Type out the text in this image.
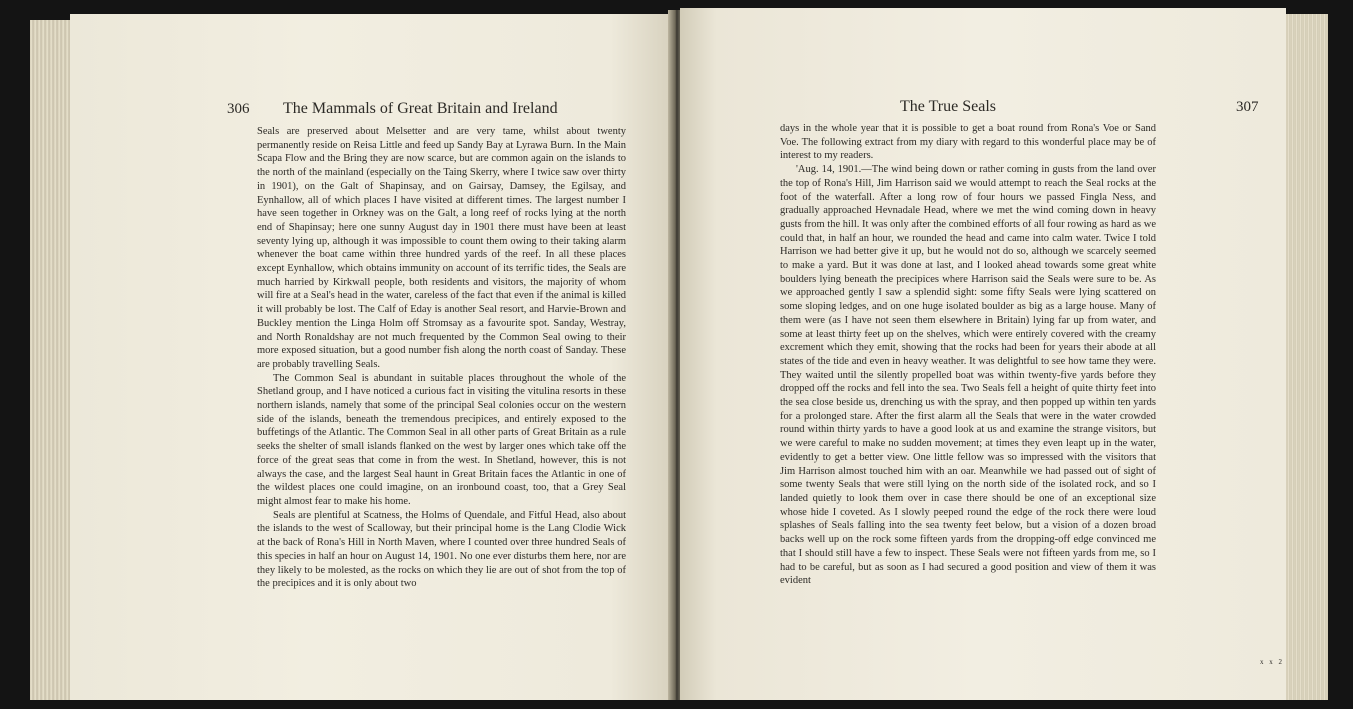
306 The Mammals of Great Britain and Ireland

Seals are preserved about Melsetter and are very tame, whilst about twenty permanently reside on Reisa Little and feed up Sandy Bay at Lyrawa Burn. In the Main Scapa Flow and the Bring they are now scarce, but are common again on the islands to the north of the mainland (especially on the Taing Skerry, where I twice saw over thirty in 1901), on the Galt of Shapinsay, and on Gairsay, Damsey, the Egilsay, and Eynhallow, all of which places I have visited at different times. The largest number I have seen together in Orkney was on the Galt, a long reef of rocks lying at the north end of Shapinsay; here one sunny August day in 1901 there must have been at least seventy lying up, although it was impossible to count them owing to their taking alarm whenever the boat came within three hundred yards of the reef. In all these places except Eynhallow, which obtains immunity on account of its terrific tides, the Seals are much harried by Kirkwall people, both residents and visitors, the majority of whom will fire at a Seal's head in the water, careless of the fact that even if the animal is killed it will probably be lost. The Calf of Eday is another Seal resort, and Harvie-Brown and Buckley mention the Linga Holm off Stromsay as a favourite spot. Sanday, Westray, and North Ronaldshay are not much frequented by the Common Seal owing to their more exposed situation, but a good number fish along the north coast of Sanday. These are probably travelling Seals.

The Common Seal is abundant in suitable places throughout the whole of the Shetland group, and I have noticed a curious fact in visiting the vitulina resorts in these northern islands, namely that some of the principal Seal colonies occur on the western side of the islands, beneath the tremendous precipices, and entirely exposed to the buffetings of the Atlantic. The Common Seal in all other parts of Great Britain as a rule seeks the shelter of small islands flanked on the west by larger ones which take off the force of the great seas that come in from the west. In Shetland, however, this is not always the case, and the largest Seal haunt in Great Britain faces the Atlantic in one of the wildest places one could imagine, on an ironbound coast, too, that a Grey Seal might almost fear to make his home.

Seals are plentiful at Scatness, the Holms of Quendale, and Fitful Head, also about the islands to the west of Scalloway, but their principal home is the Lang Clodie Wick at the back of Rona's Hill in North Maven, where I counted over three hundred Seals of this species in half an hour on August 14, 1901. No one ever disturbs them here, nor are they likely to be molested, as the rocks on which they lie are out of shot from the top of the precipices and it is only about two

The True Seals	307

days in the whole year that it is possible to get a boat round from Rona's Voe or Sand Voe. The following extract from my diary with regard to this wonderful place may be of interest to my readers.

'Aug. 14, 1901.—The wind being down or rather coming in gusts from the land over the top of Rona's Hill, Jim Harrison said we would attempt to reach the Seal rocks at the foot of the waterfall. After a long row of four hours we passed Fingla Ness, and gradually approached Hevnadale Head, where we met the wind coming down in heavy gusts from the hill. It was only after the combined efforts of all four rowing as hard as we could that, in half an hour, we rounded the head and came into calm water. Twice I told Harrison we had better give it up, but he would not do so, although we scarcely seemed to make a yard. But it was done at last, and I looked ahead towards some great white boulders lying beneath the precipices where Harrison said the Seals were sure to be. As we approached gently I saw a splendid sight: some fifty Seals were lying scattered on some sloping ledges, and on one huge isolated boulder as big as a large house. Many of them were (as I have not seen them elsewhere in Britain) lying far up from water, and some at least thirty feet up on the shelves, which were entirely covered with the creamy excrement which they emit, showing that the rocks had been for years their abode at all states of the tide and even in heavy weather. It was delightful to see how tame they were. They waited until the silently propelled boat was within twenty-five yards before they dropped off the rocks and fell into the sea. Two Seals fell a height of quite thirty feet into the sea close beside us, drenching us with the spray, and then popped up within ten yards for a prolonged stare. After the first alarm all the Seals that were in the water crowded round within thirty yards to have a good look at us and examine the strange visitors, but we were careful to make no sudden movement; at times they even leapt up in the water, evidently to get a better view. One little fellow was so impressed with the visitors that Jim Harrison almost touched him with an oar. Meanwhile we had passed out of sight of some twenty Seals that were still lying on the north side of the isolated rock, and so I landed quietly to look them over in case there should be one of an exceptional size whose hide I coveted. As I slowly peeped round the edge of the rock there were loud splashes of Seals falling into the sea twenty feet below, but a vision of a dozen broad backs well up on the rock some fifteen yards from the dropping-off edge convinced me that I should still have a few to inspect. These Seals were not fifteen yards from me, so I had to be careful, but as soon as I had secured a good position and view of them it was evident

x x 2
